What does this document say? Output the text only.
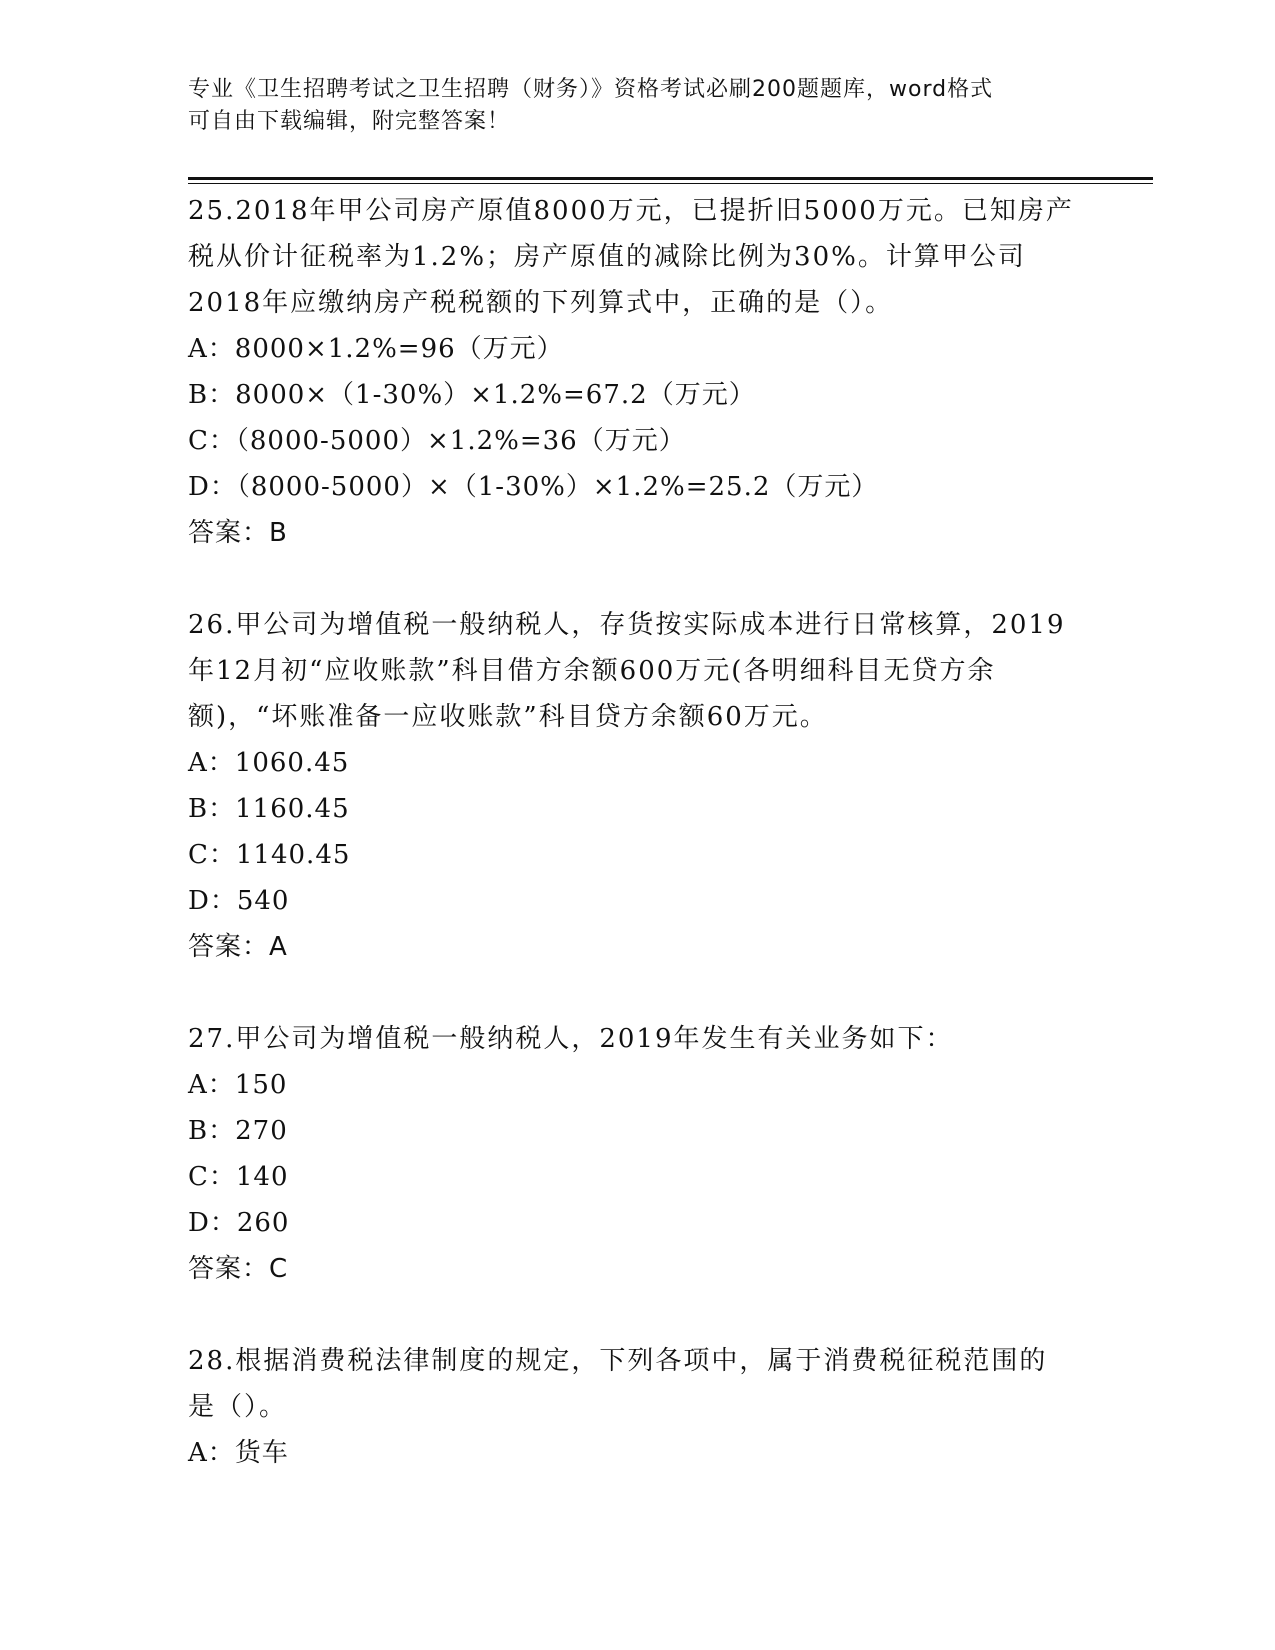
专业《卫生招聘考试之卫生招聘（财务）》资格考试必刷200题题库，word格式
可自由下载编辑，附完整答案！
25.2018年甲公司房产原值8000万元，已提折旧5000万元。已知房产
税从价计征税率为1.2%；房产原值的减除比例为30%。计算甲公司
2018年应缴纳房产税税额的下列算式中，正确的是（）。
A：8000×1.2%=96（万元）
B：8000×（1-30%）×1.2%=67.2（万元）
C：（8000-5000）×1.2%=36（万元）
D：（8000-5000）×（1-30%）×1.2%=25.2（万元）
答案：B
26.甲公司为增值税一般纳税人，存货按实际成本进行日常核算，2019
年12月初“应收账款”科目借方余额600万元(各明细科目无贷方余
额)，“坏账准备一应收账款”科目贷方余额60万元。
A：1060.45
B：1160.45
C：1140.45
D：540
答案：A
27.甲公司为增值税一般纳税人，2019年发生有关业务如下：
A：150
B：270
C：140
D：260
答案：C
28.根据消费税法律制度的规定，下列各项中，属于消费税征税范围的
是（）。
A：货车
